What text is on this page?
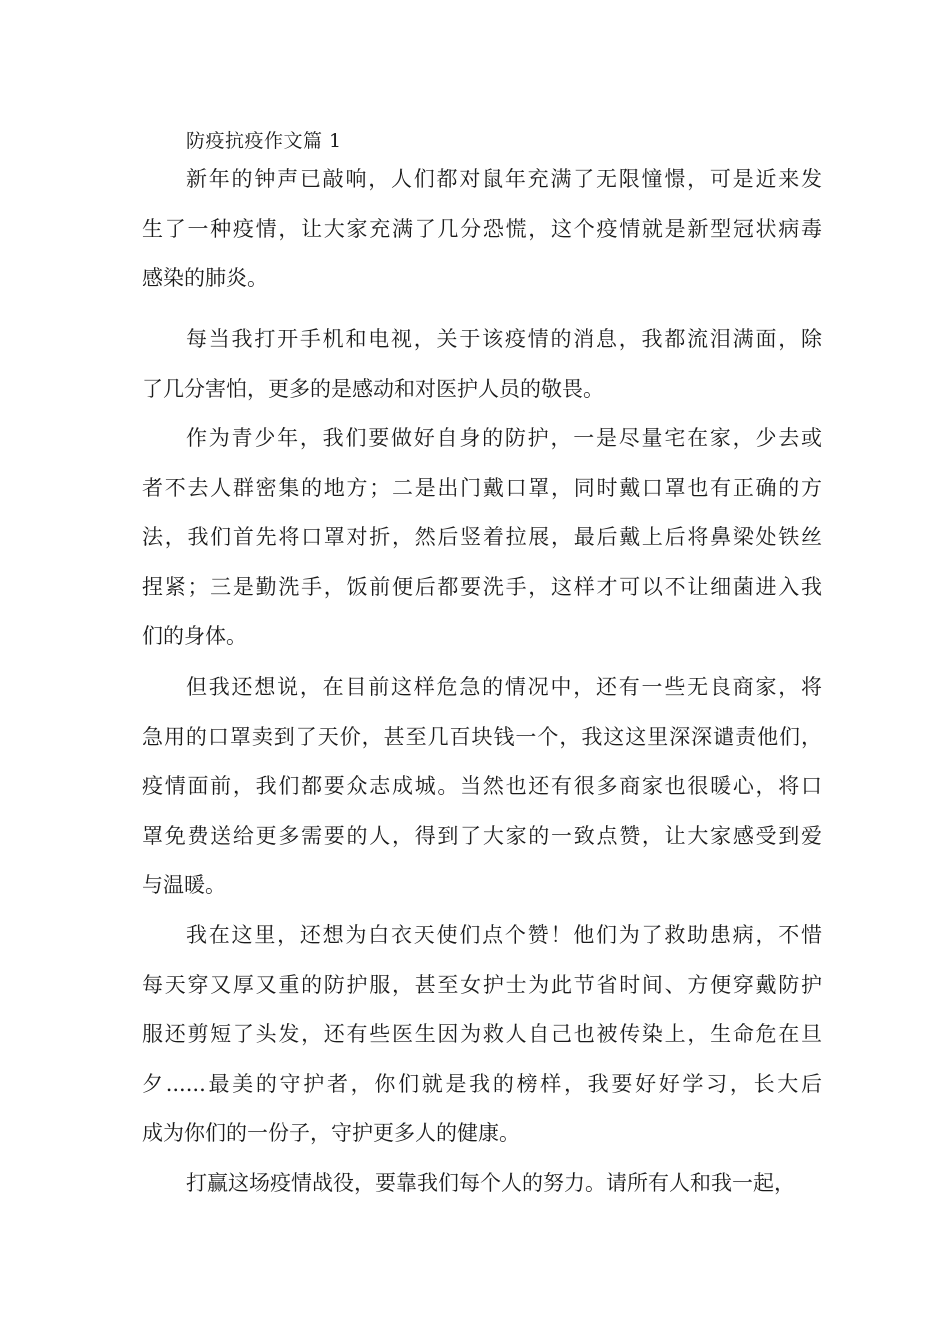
防疫抗疫作文篇 1
新年的钟声已敲响，人们都对鼠年充满了无限憧憬，可是近来发
生了一种疫情，让大家充满了几分恐慌，这个疫情就是新型冠状病毒
感染的肺炎。
每当我打开手机和电视，关于该疫情的消息，我都流泪满面，除
了几分害怕，更多的是感动和对医护人员的敬畏。
作为青少年，我们要做好自身的防护，一是尽量宅在家，少去或
者不去人群密集的地方；二是出门戴口罩，同时戴口罩也有正确的方
法，我们首先将口罩对折，然后竖着拉展，最后戴上后将鼻梁处铁丝
捏紧；三是勤洗手，饭前便后都要洗手，这样才可以不让细菌进入我
们的身体。
但我还想说，在目前这样危急的情况中，还有一些无良商家，将
急用的口罩卖到了天价，甚至几百块钱一个，我这这里深深谴责他们，
疫情面前，我们都要众志成城。当然也还有很多商家也很暖心，将口
罩免费送给更多需要的人，得到了大家的一致点赞，让大家感受到爱
与温暖。
我在这里，还想为白衣天使们点个赞！他们为了救助患病，不惜
每天穿又厚又重的防护服，甚至女护士为此节省时间、方便穿戴防护
服还剪短了头发，还有些医生因为救人自己也被传染上，生命危在旦
夕......最美的守护者，你们就是我的榜样，我要好好学习，长大后
成为你们的一份子，守护更多人的健康。
打赢这场疫情战役，要靠我们每个人的努力。请所有人和我一起，
